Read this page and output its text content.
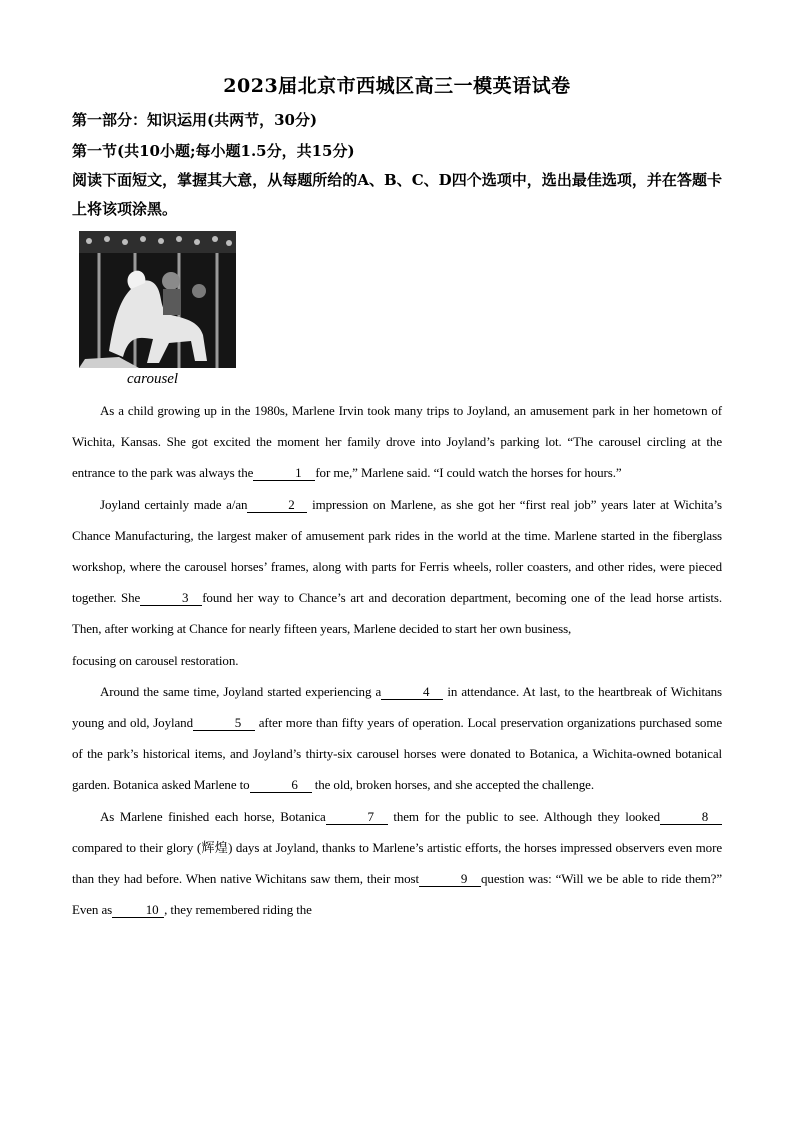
2023届北京市西城区高三一模英语试卷
第一部分：知识运用(共两节，30分)
第一节(共10小题;每小题1.5分，共15分)
阅读下面短文，掌握其大意，从每题所给的A、B、C、D四个选项中，选出最佳选项，并在答题卡上将该项涂黑。
carousel

As a child growing up in the 1980s, Marlene Irvin took many trips to Joyland, an amusement park in her hometown of Wichita, Kansas. She got excited the moment her family drove into Joyland’s parking lot. “The carousel circling at the entrance to the park was always the	1 for me,” Marlene said. “I could watch the horses for hours.”

Joyland certainly made a/an	2 impression on Marlene, as she got her “first real job” years later at Wichita’s Chance Manufacturing, the largest maker of amusement park rides in the world at the time. Marlene started in the fiberglass workshop, where the carousel horses’ frames, along with parts for Ferris wheels, roller coasters, and other rides, were pieced together. She	3 found her way to Chance’s art and decoration department, becoming one of the lead horse artists. Then, after working at Chance for nearly fifteen years, Marlene decided to start her own business,

focusing on carousel restoration.

Around the same time, Joyland started experiencing a	4 in attendance. At last, to the heartbreak of Wichitans young and old, Joyland	5 after more than fifty years of operation. Local preservation organizations purchased some of the park’s historical items, and Joyland’s thirty-six carousel horses were donated to Botanica, a Wichita-owned botanical garden. Botanica asked Marlene to	6 the old, broken horses, and she accepted the challenge.

As Marlene finished each horse, Botanica	7 them for the public to see. Although they looked	8compared to their glory (辉煌) days at Joyland, thanks to Marlene’s artistic efforts, the horses impressed observers even more than they had before. When native Wichitans saw them, their most	9 question was: “Will we be able to ride them?” Even as	10 , they remembered riding the
